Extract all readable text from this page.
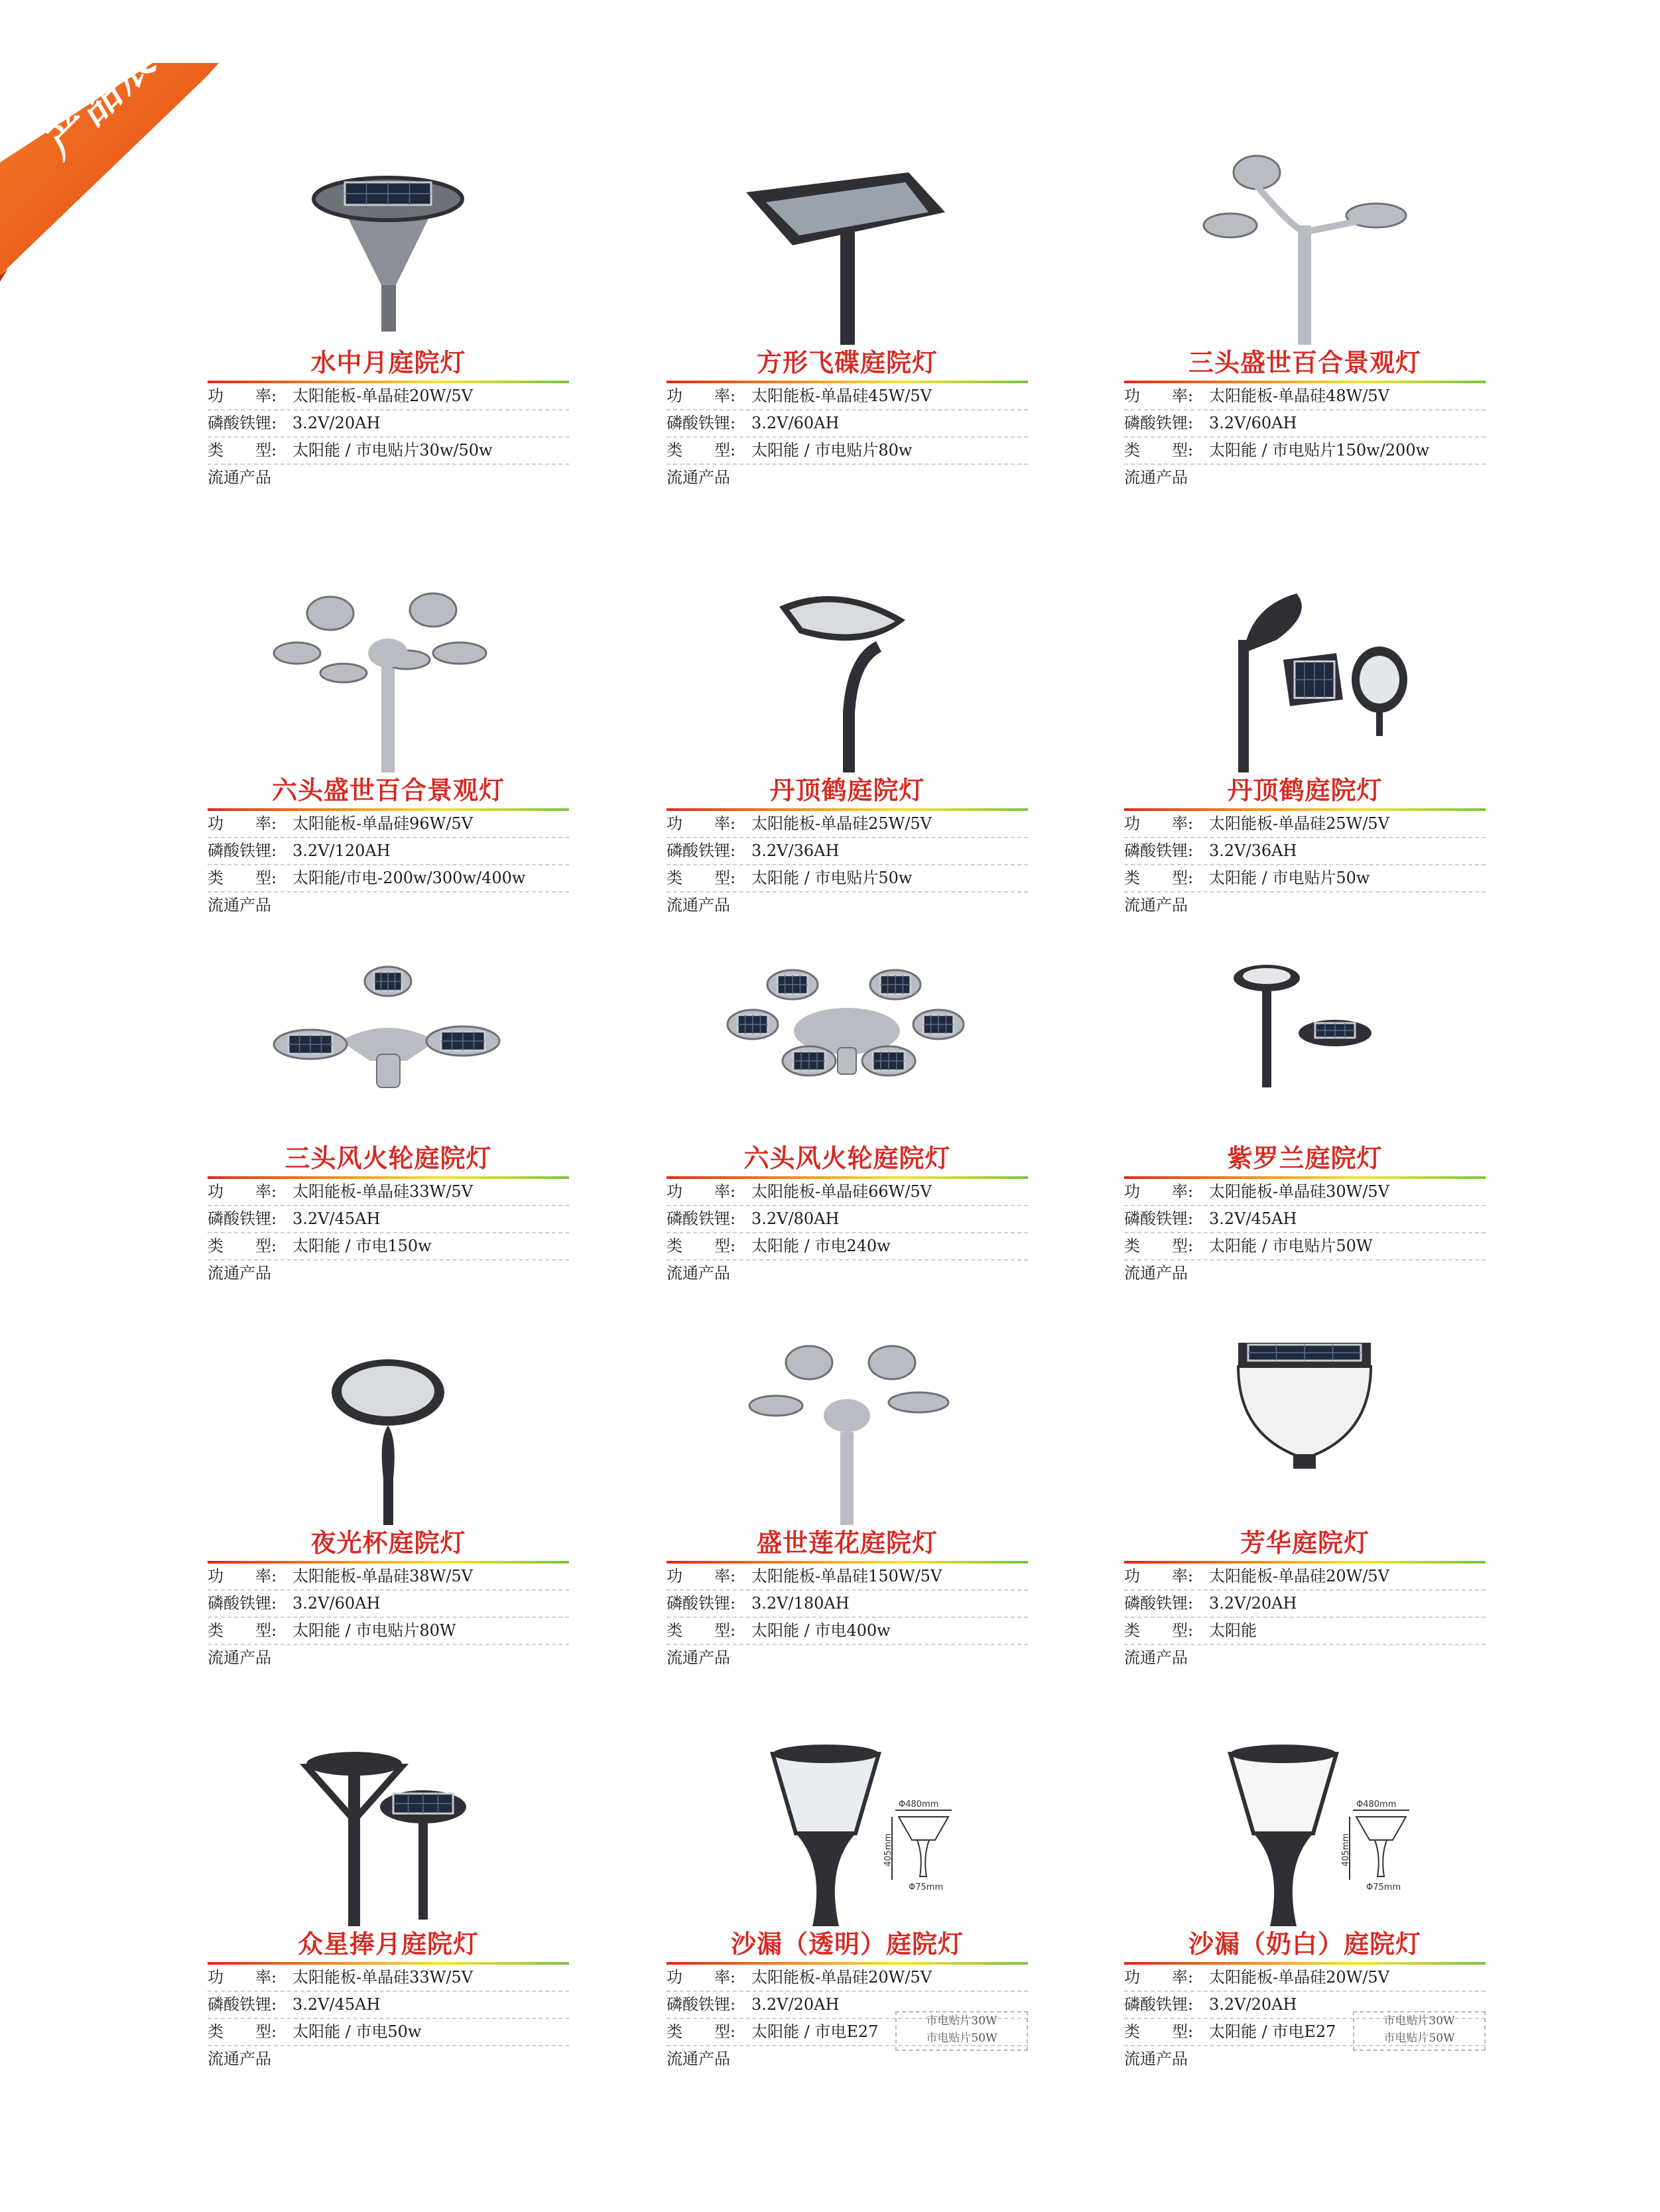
产品展示
水中月庭院灯
功　　率: 太阳能板-单晶硅20W/5V
磷酸铁锂: 3.2V/20AH
类　　型: 太阳能 / 市电贴片30w/50w
流通产品
方形飞碟庭院灯
功　　率: 太阳能板-单晶硅45W/5V
磷酸铁锂: 3.2V/60AH
类　　型: 太阳能 / 市电贴片80w
流通产品
三头盛世百合景观灯
功　　率: 太阳能板-单晶硅48W/5V
磷酸铁锂: 3.2V/60AH
类　　型: 太阳能 / 市电贴片150w/200w
流通产品
六头盛世百合景观灯
功　　率: 太阳能板-单晶硅96W/5V
磷酸铁锂: 3.2V/120AH
类　　型: 太阳能/市电-200w/300w/400w
流通产品
丹顶鹤庭院灯
功　　率: 太阳能板-单晶硅25W/5V
磷酸铁锂: 3.2V/36AH
类　　型: 太阳能 / 市电贴片50w
流通产品
丹顶鹤庭院灯
功　　率: 太阳能板-单晶硅25W/5V
磷酸铁锂: 3.2V/36AH
类　　型: 太阳能 / 市电贴片50w
流通产品
三头风火轮庭院灯
功　　率: 太阳能板-单晶硅33W/5V
磷酸铁锂: 3.2V/45AH
类　　型: 太阳能 / 市电150w
流通产品
六头风火轮庭院灯
功　　率: 太阳能板-单晶硅66W/5V
磷酸铁锂: 3.2V/80AH
类　　型: 太阳能 / 市电240w
流通产品
紫罗兰庭院灯
功　　率: 太阳能板-单晶硅30W/5V
磷酸铁锂: 3.2V/45AH
类　　型: 太阳能 / 市电贴片50W
流通产品
夜光杯庭院灯
功　　率: 太阳能板-单晶硅38W/5V
磷酸铁锂: 3.2V/60AH
类　　型: 太阳能 / 市电贴片80W
流通产品
盛世莲花庭院灯
功　　率: 太阳能板-单晶硅150W/5V
磷酸铁锂: 3.2V/180AH
类　　型: 太阳能 / 市电400w
流通产品
芳华庭院灯
功　　率: 太阳能板-单晶硅20W/5V
磷酸铁锂: 3.2V/20AH
类　　型: 太阳能
流通产品
众星捧月庭院灯
功　　率: 太阳能板-单晶硅33W/5V
磷酸铁锂: 3.2V/45AH
类　　型: 太阳能 / 市电50w
流通产品
Φ480mm
405mm
Φ75mm
沙漏（透明）庭院灯
功　　率: 太阳能板-单晶硅20W/5V
磷酸铁锂: 3.2V/20AH
类　　型: 太阳能 / 市电E27
流通产品
市电贴片30W
市电贴片50W
Φ480mm
405mm
Φ75mm
沙漏（奶白）庭院灯
功　　率: 太阳能板-单晶硅20W/5V
磷酸铁锂: 3.2V/20AH
类　　型: 太阳能 / 市电E27
流通产品
市电贴片30W
市电贴片50W
